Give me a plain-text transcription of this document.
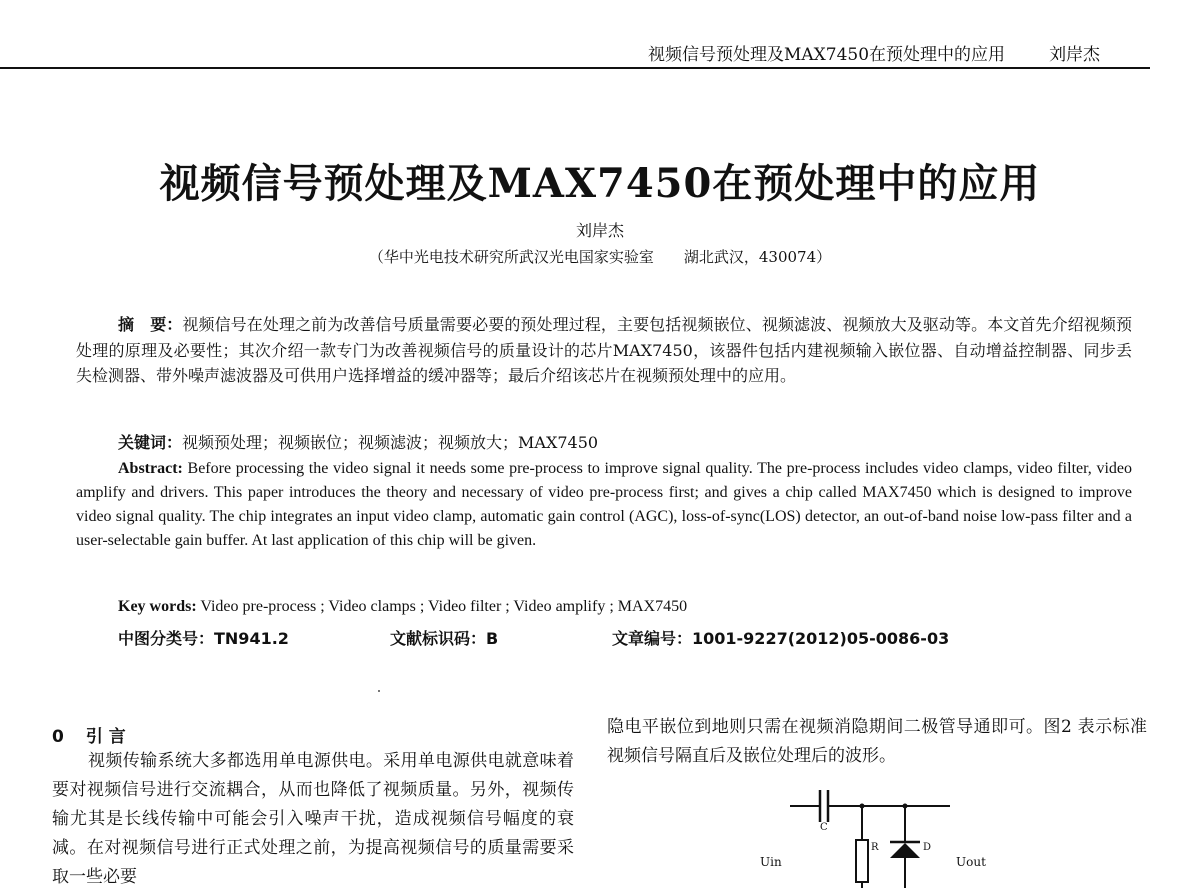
视频信号预处理及MAX7450在预处理中的应用	刘岸杰
视频信号预处理及MAX7450在预处理中的应用
刘岸杰
（华中光电技术研究所武汉光电国家实验室　　湖北武汉，430074）
摘　要：视频信号在处理之前为改善信号质量需要必要的预处理过程，主要包括视频嵌位、视频滤波、视频放大及驱动等。本文首先介绍视频预处理的原理及必要性；其次介绍一款专门为改善视频信号的质量设计的芯片MAX7450，该器件包括内建视频输入嵌位器、自动增益控制器、同步丢失检测器、带外噪声滤波器及可供用户选择增益的缓冲器等；最后介绍该芯片在视频预处理中的应用。
关键词：视频预处理；视频嵌位；视频滤波；视频放大；MAX7450
Abstract: Before processing the video signal it needs some pre-process to improve signal quality. The pre-process includes video clamps, video filter, video amplify and drivers. This paper introduces the theory and necessary of video pre-process first; and gives a chip called MAX7450 which is designed to improve video signal quality. The chip integrates an input video clamp, automatic gain control (AGC), loss-of-sync(LOS) detector, an out-of-band noise low-pass filter and a user-selectable gain buffer. At last application of this chip will be given.
Key words: Video pre-process ; Video clamps ; Video filter ; Video amplify ; MAX7450
中图分类号：TN941.2	文献标识码：B	文章编号：1001-9227(2012)05-0086-03
0 引 言
视频传输系统大多都选用单电源供电。采用单电源供电就意味着要对视频信号进行交流耦合，从而也降低了视频质量。另外，视频传输尤其是长线传输中可能会引入噪声干扰，造成视频信号幅度的衰减。在对视频信号进行正式处理之前，为提高视频信号的质量需要采取一些必要
隐电平嵌位到地则只需在视频消隐期间二极管导通即可。图2 表示标准视频信号隔直后及嵌位处理后的波形。
C
R	D
Uin	Uout
